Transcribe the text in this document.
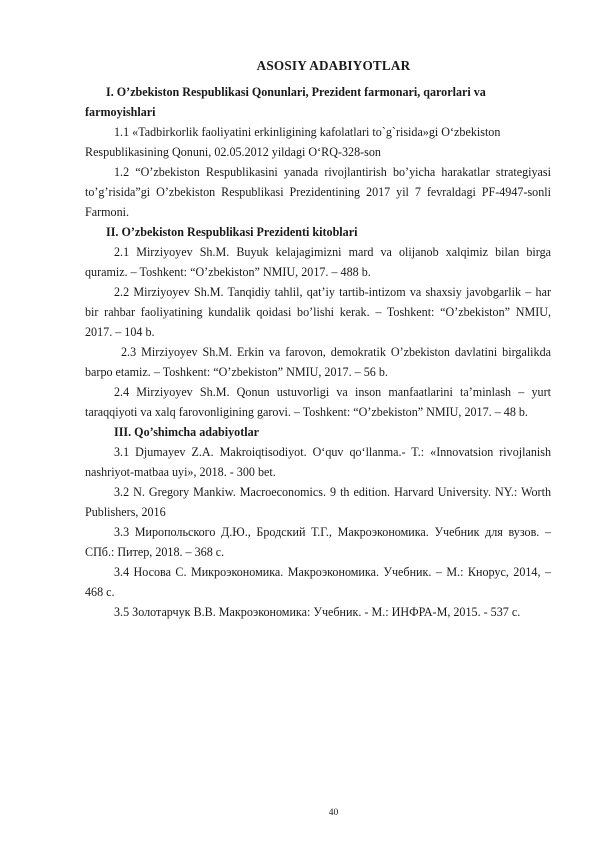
ASOSIY ADABIYOTLAR

I. O’zbekiston Respublikasi Qonunlari, Prezident farmonari, qarorlari va farmoyishlari

1.1 «Tadbirkorlik faoliyatini erkinligining kafolatlari to`g`risida»gi O‘zbekiston Respublikasining Qonuni, 02.05.2012 yildagi O‘RQ-328-son

1.2 “O’zbekiston Respublikasini yanada rivojlantirish bo’yicha harakatlar strategiyasi to’g’risida”gi O’zbekiston Respublikasi Prezidentining 2017 yil 7 fevraldagi PF-4947-sonli Farmoni.

II. O’zbekiston Respublikasi Prezidenti kitoblari

2.1 Mirziyoyev Sh.M. Buyuk kelajagimizni mard va olijanob xalqimiz bilan birga quramiz. – Toshkent: “O’zbekiston” NMIU, 2017. – 488 b.

2.2 Mirziyoyev Sh.M. Tanqidiy tahlil, qat’iy tartib-intizom va shaxsiy javobgarlik – har bir rahbar faoliyatining kundalik qoidasi bo’lishi kerak. – Toshkent: “O’zbekiston” NMIU, 2017. – 104 b.

2.3 Mirziyoyev Sh.M. Erkin va farovon, demokratik O’zbekiston davlatini birgalikda barpo etamiz. – Toshkent: “O’zbekiston” NMIU, 2017. – 56 b.

2.4 Mirziyoyev Sh.M. Qonun ustuvorligi va inson manfaatlarini ta’minlash – yurt taraqqiyoti va xalq farovonligining garovi. – Toshkent: “O’zbekiston” NMIU, 2017. – 48 b.

III. Qo’shimcha adabiyotlar

3.1 Djumayev Z.A. Makroiqtisodiyot. O‘quv qo‘llanma.- T.: «Innovatsion rivojlanish nashriyot-matbaa uyi», 2018. - 300 bet.

3.2 N. Gregory Mankiw. Macroeconomics. 9 th edition. Harvard University. NY.: Worth Publishers, 2016

3.3 Миропольского Д.Ю., Бродский Т.Г., Макроэкономика. Учебник для вузов. – СПб.: Питер, 2018. – 368 с.

3.4 Носова С. Микроэкономика. Макроэкономика. Учебник. – М.: Кнорус, 2014, – 468 с.

3.5 Золотарчук В.В. Макроэкономика: Учебник. - М.: ИНФРА-М, 2015. - 537 с.

40
